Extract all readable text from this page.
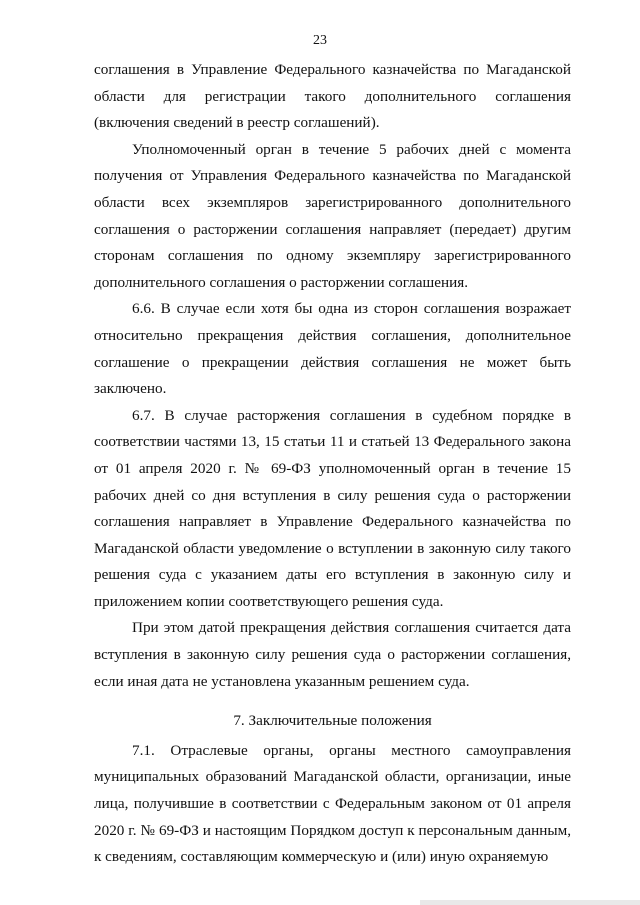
23

соглашения в Управление Федерального казначейства по Магаданской области для регистрации такого дополнительного соглашения (включения сведений в реестр соглашений).

Уполномоченный орган в течение 5 рабочих дней с момента получения от Управления Федерального казначейства по Магаданской области всех экземпляров зарегистрированного дополнительного соглашения о расторжении соглашения направляет (передает) другим сторонам соглашения по одному экземпляру зарегистрированного дополнительного соглашения о расторжении соглашения.

6.6. В случае если хотя бы одна из сторон соглашения возражает относительно прекращения действия соглашения, дополнительное соглашение о прекращении действия соглашения не может быть заключено.

6.7. В случае расторжения соглашения в судебном порядке в соответствии частями 13, 15 статьи 11 и статьей 13 Федерального закона от 01 апреля 2020 г. № 69-ФЗ уполномоченный орган в течение 15 рабочих дней со дня вступления в силу решения суда о расторжении соглашения направляет в Управление Федерального казначейства по Магаданской области уведомление о вступлении в законную силу такого решения суда с указанием даты его вступления в законную силу и приложением копии соответствующего решения суда.

При этом датой прекращения действия соглашения считается дата вступления в законную силу решения суда о расторжении соглашения, если иная дата не установлена указанным решением суда.

7. Заключительные положения

7.1. Отраслевые органы, органы местного самоуправления муниципальных образований Магаданской области, организации, иные лица, получившие в соответствии с Федеральным законом от 01 апреля 2020 г. № 69-ФЗ и настоящим Порядком доступ к персональным данным, к сведениям, составляющим коммерческую и (или) иную охраняемую
